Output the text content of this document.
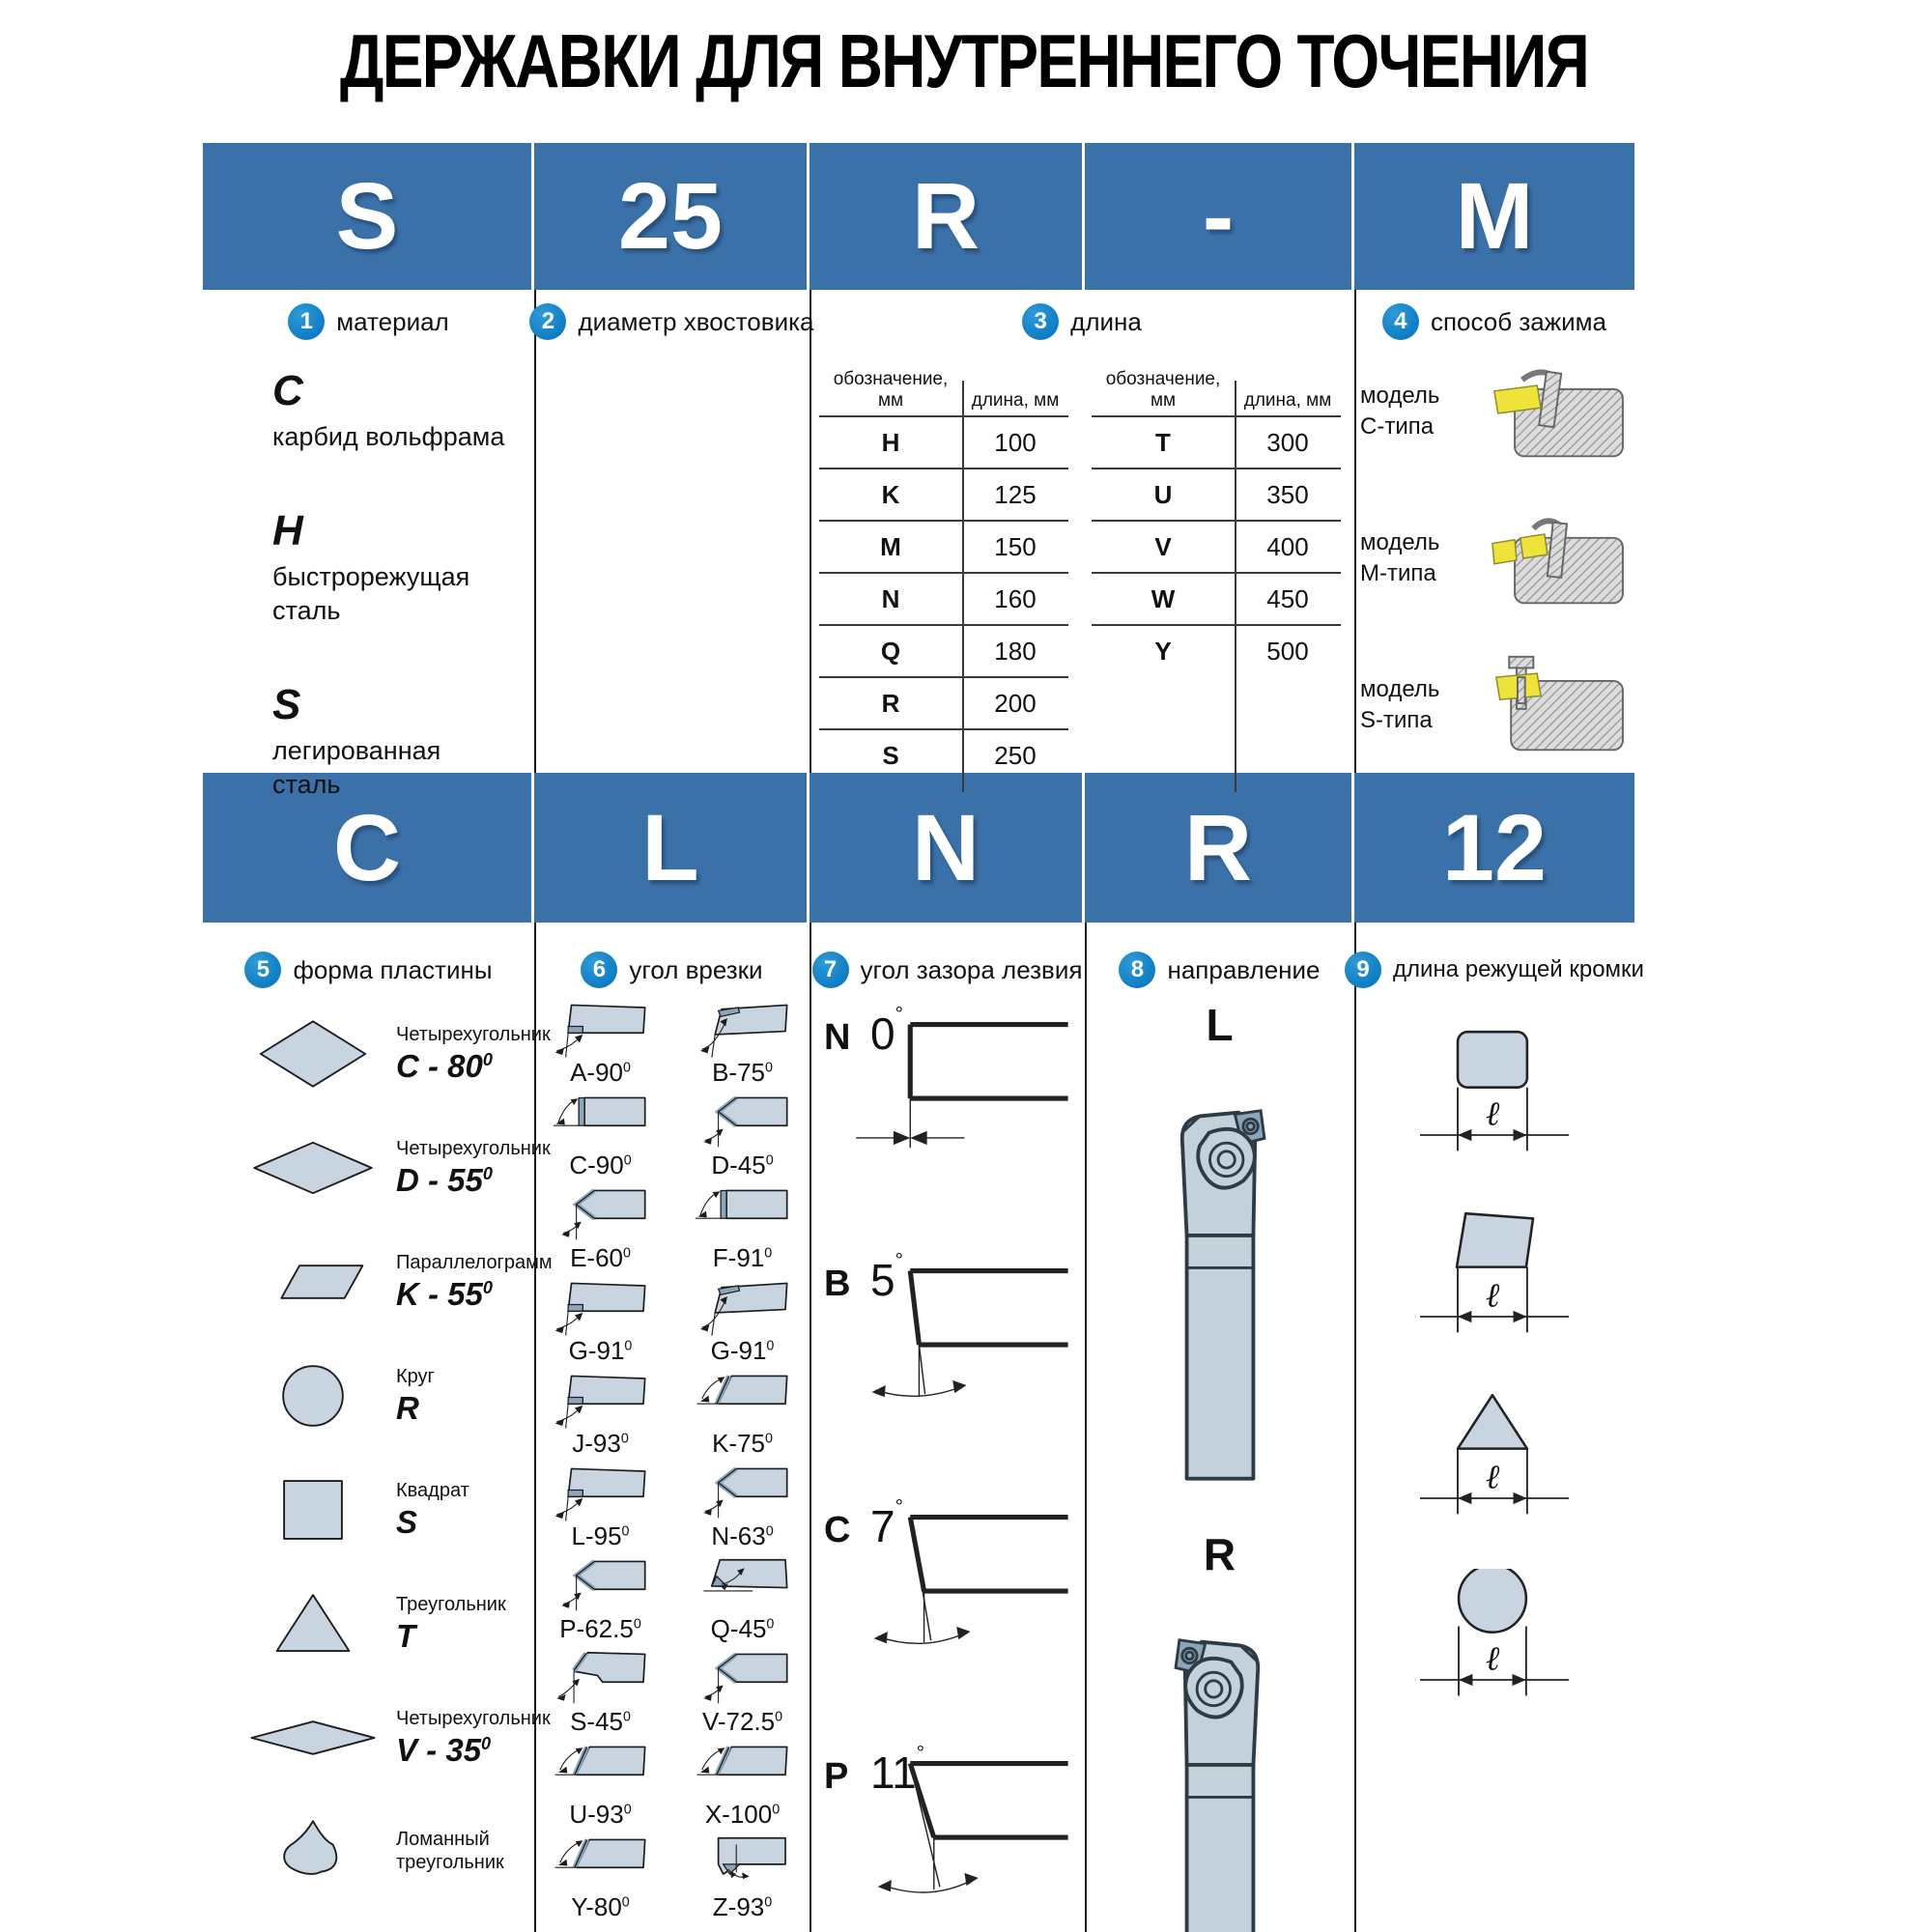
ДЕРЖАВКИ ДЛЯ ВНУТРЕННЕГО ТОЧЕНИЯ
S	25	R	-	M
C	L	N	R	12
1 материал	2 диаметр хвостовика	3 длина	4 способ зажима
C
карбид вольфрама
H
быстрорежущая сталь
S
легированная сталь
обозначение, мм	длина, мм
H	100
K	125
M	150
N	160
Q	180
R	200
S	250
обозначение, мм	длина, мм
T	300
U	350
V	400
W	450
Y	500
модель
C-типа
модель
M-типа
модель
S-типа
5 форма пластины	6 угол врезки	7 угол зазора лезвия	8 направление	9	длина режущей кромки
Четырехугольник
C - $80^0$
Четырехугольник
D - $55^0$
Параллелограмм
K - $55^0$
Круг
R
Квадрат
S
Треугольник
T
Четырехугольник
V - $35^0$
Ломанный треугольник
$A-90^0$	$B-75^0$
$C-90^0$	$D-45^0$
$E-60^0$	$F-91^0$
$G-91^0$	$G-91^0$
$J-93^0$	$K-75^0$
$L-95^0$	$N-63^0$
P-62.5$^0$	$Q-45^0$
$S-45^0$	V-72.5$^0$
$U-93^0$	$X-100^0$
$Y-80^0$	$Z-93^0$
N 0°
B 5°
C 7°
P 11°
L
R
ℓ
ℓ
ℓ
ℓ
